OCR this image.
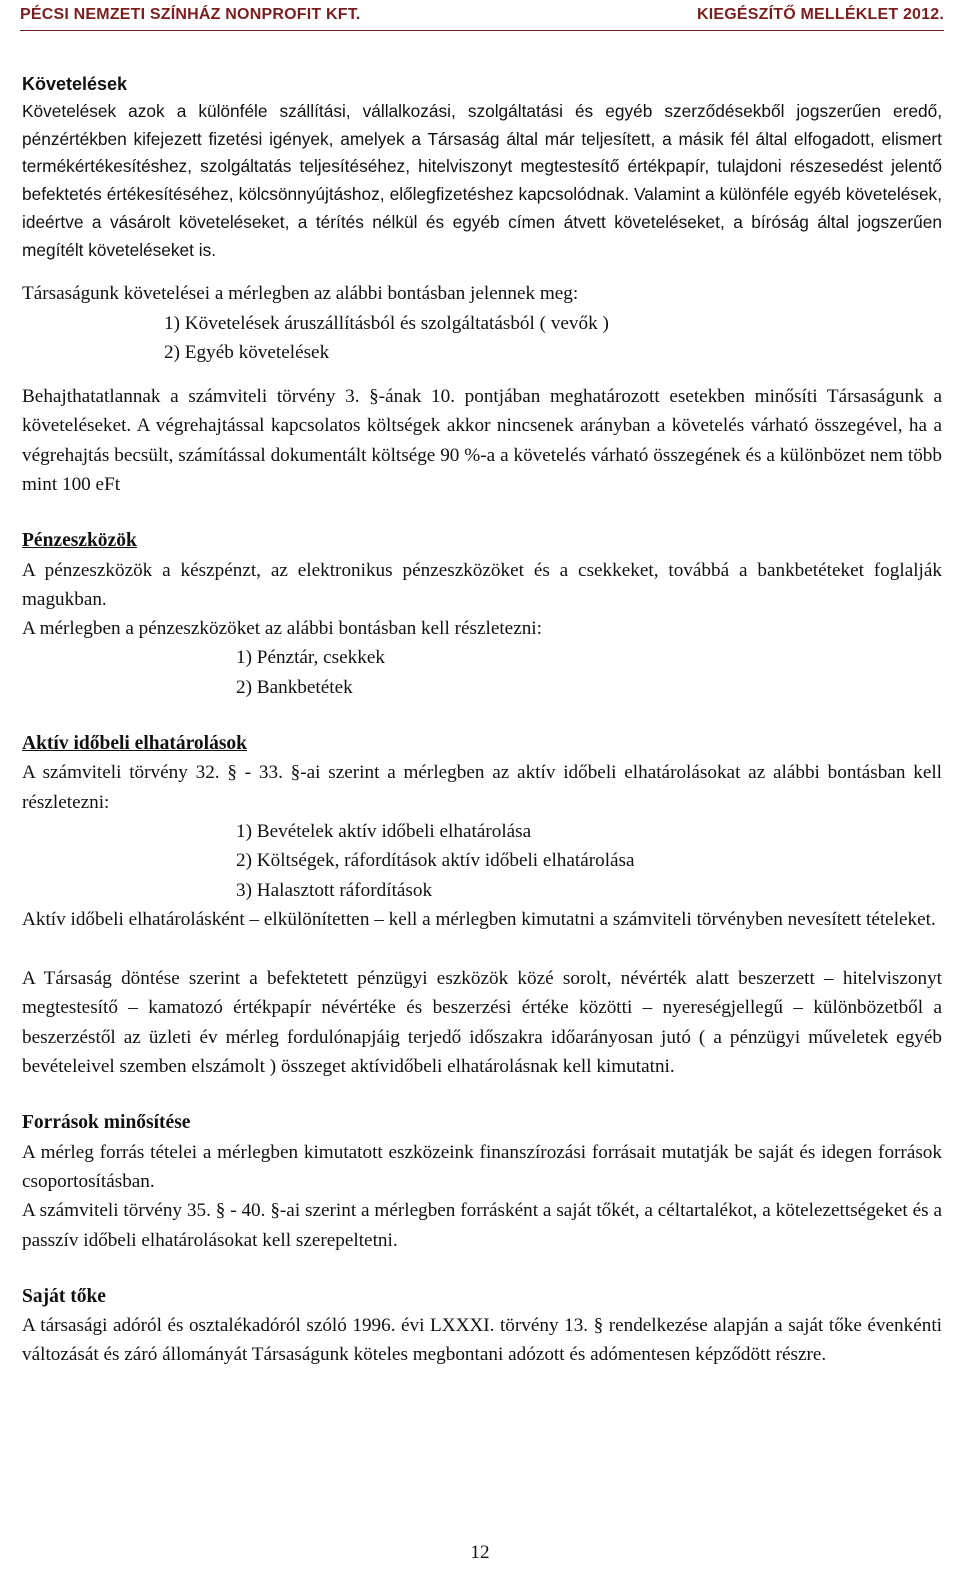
PÉCSI NEMZETI SZÍNHÁZ NONPROFIT KFT.	KIEGÉSZÍTŐ MELLÉKLET 2012.
Követelések

Követelések azok a különféle szállítási, vállalkozási, szolgáltatási és egyéb szerződésekből jogszerűen eredő, pénzértékben kifejezett fizetési igények, amelyek a Társaság által már teljesített, a másik fél által elfogadott, elismert termékértékesítéshez, szolgáltatás teljesítéséhez, hitelviszonyt megtestesítő értékpapír, tulajdoni részesedést jelentő befektetés értékesítéséhez, kölcsönnyújtáshoz, előlegfizetéshez kapcsolódnak. Valamint a különféle egyéb követelések, ideértve a vásárolt követeléseket, a térítés nélkül és egyéb címen átvett követeléseket, a bíróság által jogszerűen megítélt követeléseket is.

Társaságunk követelései a mérlegben az alábbi bontásban jelennek meg:

1) Követelések áruszállításból és szolgáltatásból ( vevők )
2) Egyéb követelések

Behajthatatlannak a számviteli törvény 3. §-ának 10. pontjában meghatározott esetekben minősíti Társaságunk a követeléseket. A végrehajtással kapcsolatos költségek akkor nincsenek arányban a követelés várható összegével, ha a végrehajtás becsült, számítással dokumentált költsége 90 %-a a követelés várható összegének és a különbözet nem több mint 100 eFt

Pénzeszközök

A pénzeszközök a készpénzt, az elektronikus pénzeszközöket és a csekkeket, továbbá a bankbetéteket foglalják magukban.

A mérlegben a pénzeszközöket az alábbi bontásban kell részletezni:

1) Pénztár, csekkek
2) Bankbetétek
Aktív időbeli elhatárolások

A számviteli törvény 32. § - 33. §-ai szerint a mérlegben az aktív időbeli elhatárolásokat az alábbi bontásban kell részletezni:

1) Bevételek aktív időbeli elhatárolása
2) Költségek, ráfordítások aktív időbeli elhatárolása
3) Halasztott ráfordítások

Aktív időbeli elhatárolásként – elkülönítetten – kell a mérlegben kimutatni a számviteli törvényben nevesített tételeket.

A Társaság döntése szerint a befektetett pénzügyi eszközök közé sorolt, névérték alatt beszerzett – hitelviszonyt megtestesítő – kamatozó értékpapír névértéke és beszerzési értéke közötti – nyereségjellegű – különbözetből a beszerzéstől az üzleti év mérleg fordulónapjáig terjedő időszakra időarányosan jutó ( a pénzügyi műveletek egyéb bevételeivel szemben elszámolt ) összeget aktívidőbeli elhatárolásnak kell kimutatni.

Források minősítése

A mérleg forrás tételei a mérlegben kimutatott eszközeink finanszírozási forrásait mutatják be saját és idegen források csoportosításban.

A számviteli törvény 35. § - 40. §-ai szerint a mérlegben forrásként a saját tőkét, a céltartalékot, a kötelezettségeket és a passzív időbeli elhatárolásokat kell szerepeltetni.

Saját tőke

A társasági adóról és osztalékadóról szóló 1996. évi LXXXI. törvény 13. § rendelkezése alapján a saját tőke évenkénti változását és záró állományát Társaságunk köteles megbontani adózott és adómentesen képződött részre.

12
